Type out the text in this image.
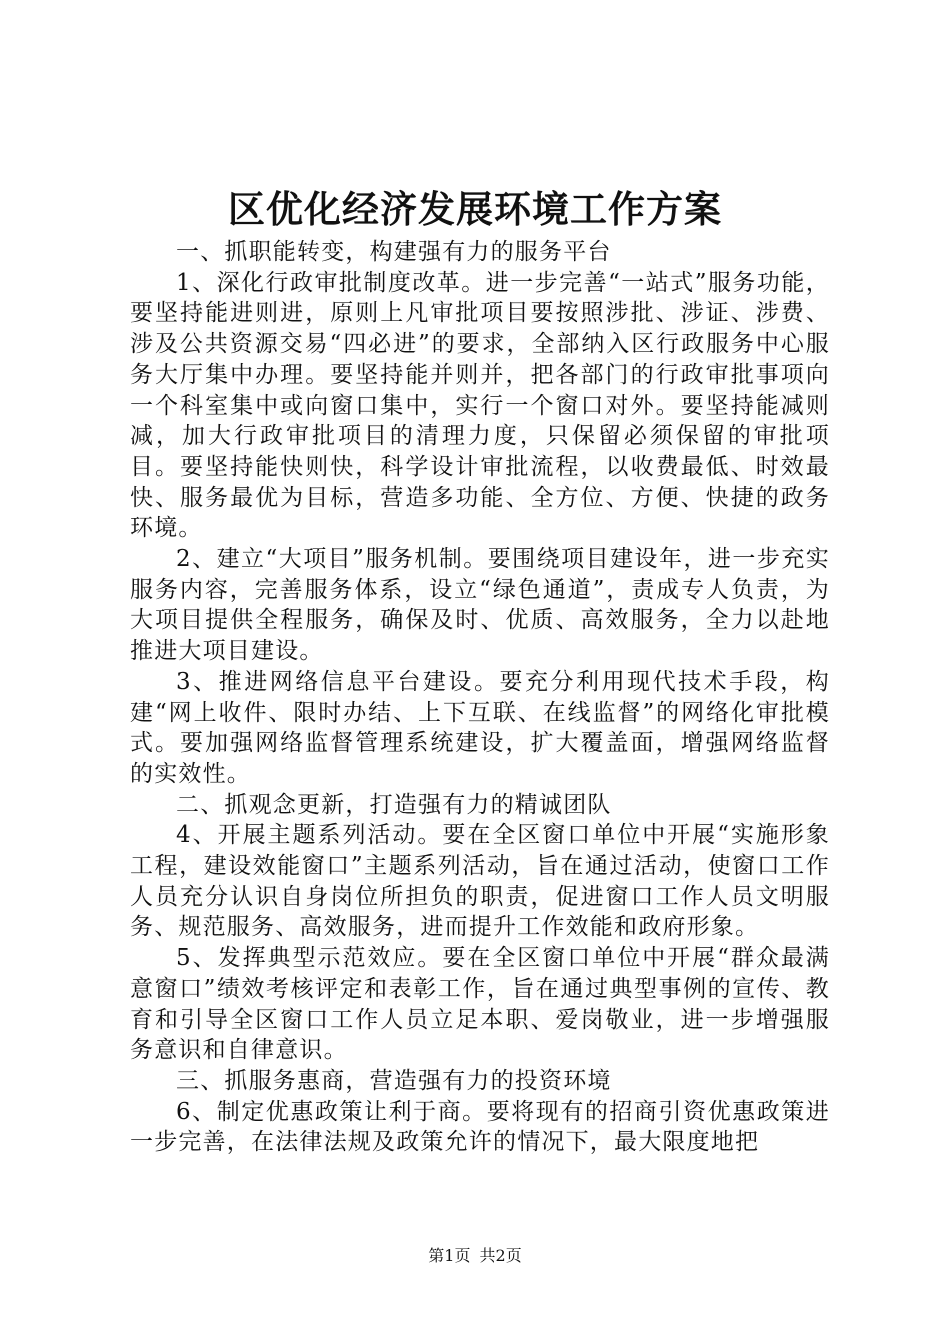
区优化经济发展环境工作方案

一、抓职能转变，构建强有力的服务平台

1、深化行政审批制度改革。进一步完善“一站式”服务功能，要坚持能进则进，原则上凡审批项目要按照涉批、涉证、涉费、涉及公共资源交易“四必进”的要求，全部纳入区行政服务中心服务大厅集中办理。要坚持能并则并，把各部门的行政审批事项向一个科室集中或向窗口集中，实行一个窗口对外。要坚持能减则减，加大行政审批项目的清理力度，只保留必须保留的审批项目。要坚持能快则快，科学设计审批流程，以收费最低、时效最快、服务最优为目标，营造多功能、全方位、方便、快捷的政务环境。

2、建立“大项目”服务机制。要围绕项目建设年，进一步充实服务内容，完善服务体系，设立“绿色通道”，责成专人负责，为大项目提供全程服务，确保及时、优质、高效服务，全力以赴地推进大项目建设。

3、推进网络信息平台建设。要充分利用现代技术手段，构建“网上收件、限时办结、上下互联、在线监督”的网络化审批模式。要加强网络监督管理系统建设，扩大覆盖面，增强网络监督的实效性。

二、抓观念更新，打造强有力的精诚团队

4、开展主题系列活动。要在全区窗口单位中开展“实施形象工程，建设效能窗口”主题系列活动，旨在通过活动，使窗口工作人员充分认识自身岗位所担负的职责，促进窗口工作人员文明服务、规范服务、高效服务，进而提升工作效能和政府形象。

5、发挥典型示范效应。要在全区窗口单位中开展“群众最满意窗口”绩效考核评定和表彰工作，旨在通过典型事例的宣传、教育和引导全区窗口工作人员立足本职、爱岗敬业，进一步增强服务意识和自律意识。

三、抓服务惠商，营造强有力的投资环境

6、制定优惠政策让利于商。要将现有的招商引资优惠政策进一步完善，在法律法规及政策允许的情况下，最大限度地把

第1页 共2页
